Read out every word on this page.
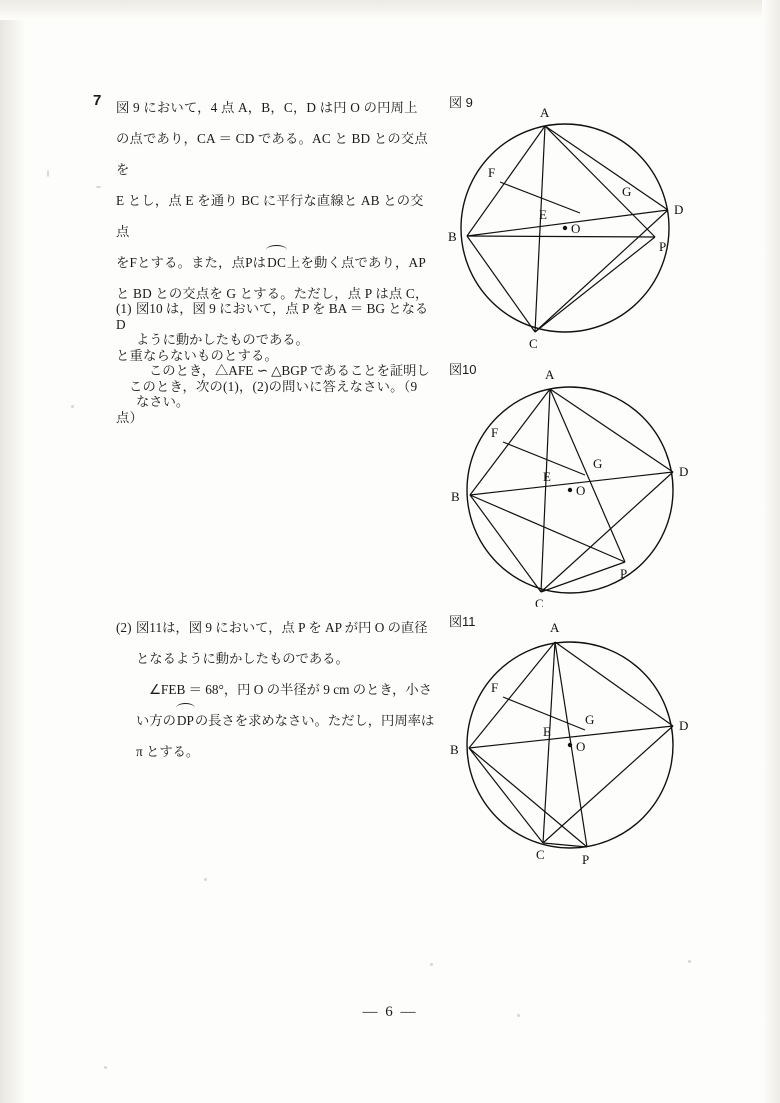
7 図 9 において，4 点 A，B，C，D は円 O の円周上

の点であり，CA ＝ CD である。AC と BD との交点を

E とし，点 E を通り BC に平行な直線と AB との交点

をFとする。また，点PはDC上を動く点であり，AP

と BD との交点を G とする。ただし，点 P は点 C，D

と重ならないものとする。

このとき，次の(1)，(2)の問いに答えなさい。（9 点）

(1) 図10 は，図 9 において，点 P を BA ＝ BG となる

ように動かしたものである。

このとき，△AFE ∽ △BGP であることを証明し

なさい。

(2) 図11は，図 9 において，点 P を AP が円 O の直径

となるように動かしたものである。

∠FEB ＝ 68°，円 O の半径が 9 cm のとき，小さ

い方のDPの長さを求めなさい。ただし，円周率は

π とする。

図 9
O
A
B
C
D
E
F
G
P
図10
O
A
B
C
D
E
F
G
P
図11
O
A
B
C
D
E
F
G
P
— 6 —
